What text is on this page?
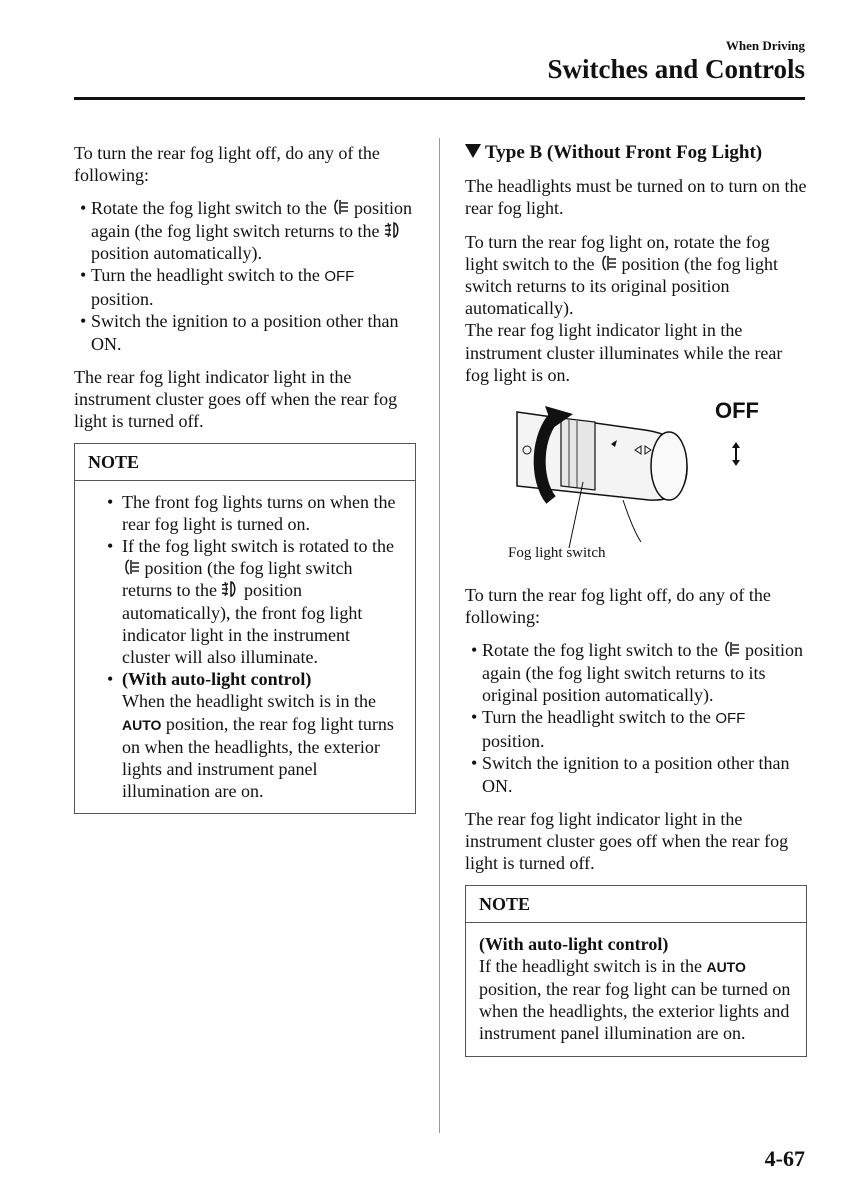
When Driving
Switches and Controls

To turn the rear fog light off, do any of the following:

• Rotate the fog light switch to the position again (the fog light switch returns to the  position automatically).
• Turn the headlight switch to the OFF position.
• Switch the ignition to a position other than ON.

The rear fog light indicator light in the instrument cluster goes off when the rear fog light is turned off.

NOTE
• The front fog lights turns on when the rear fog light is turned on.
• If the fog light switch is rotated to the  position (the fog light switch returns to the position automatically), the front fog light indicator light in the instrument cluster will also illuminate.
• (With auto-light control)
When the headlight switch is in the AUTO position, the rear fog light turns on when the headlights, the exterior lights and instrument panel illumination are on.
Type B (Without Front Fog Light)

The headlights must be turned on to turn on the rear fog light.

To turn the rear fog light on, rotate the fog light switch to the position (the fog light switch returns to its original position automatically).

The rear fog light indicator light in the instrument cluster illuminates while the rear fog light is on.

OFF
Fog light switch

To turn the rear fog light off, do any of the following:

• Rotate the fog light switch to the position again (the fog light switch returns to its original position automatically).
• Turn the headlight switch to the OFF position.
• Switch the ignition to a position other than ON.

The rear fog light indicator light in the instrument cluster goes off when the rear fog light is turned off.

NOTE
(With auto-light control)
If the headlight switch is in the AUTO position, the rear fog light can be turned on when the headlights, the exterior lights and instrument panel illumination are on.
4-67
